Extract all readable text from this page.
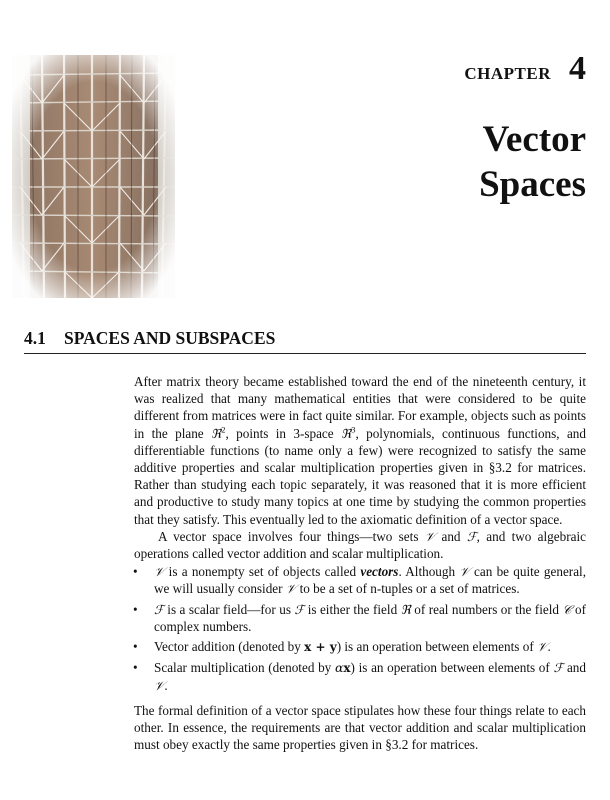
CHAPTER 4
Vector
Spaces
4.1 SPACES AND SUBSPACES

After matrix theory became established toward the end of the nineteenth century, it was realized that many mathematical entities that were considered to be quite different from matrices were in fact quite similar. For example, objects such as points in the plane ℜ$^2$, points in 3-space ℜ$^3$, polynomials, continuous functions, and differentiable functions (to name only a few) were recognized to satisfy the same additive properties and scalar multiplication properties given in §3.2 for matrices. Rather than studying each topic separately, it was reasoned that it is more efficient and productive to study many topics at one time by studying the common properties that they satisfy. This eventually led to the axiomatic definition of a vector space.

A vector space involves four things—two sets 𝒱 and ℱ, and two algebraic operations called vector addition and scalar multiplication.

• 𝒱 is a nonempty set of objects called vectors. Although 𝒱 can be quite general, we will usually consider 𝒱 to be a set of n-tuples or a set of matrices.
• ℱ is a scalar field—for us ℱ is either the field ℜ of real numbers or the field 𝒞 of complex numbers.
• Vector addition (denoted by x + y) is an operation between elements of 𝒱.
• Scalar multiplication (denoted by αx) is an operation between elements of ℱ and 𝒱.

The formal definition of a vector space stipulates how these four things relate to each other. In essence, the requirements are that vector addition and scalar multiplication must obey exactly the same properties given in §3.2 for matrices.
